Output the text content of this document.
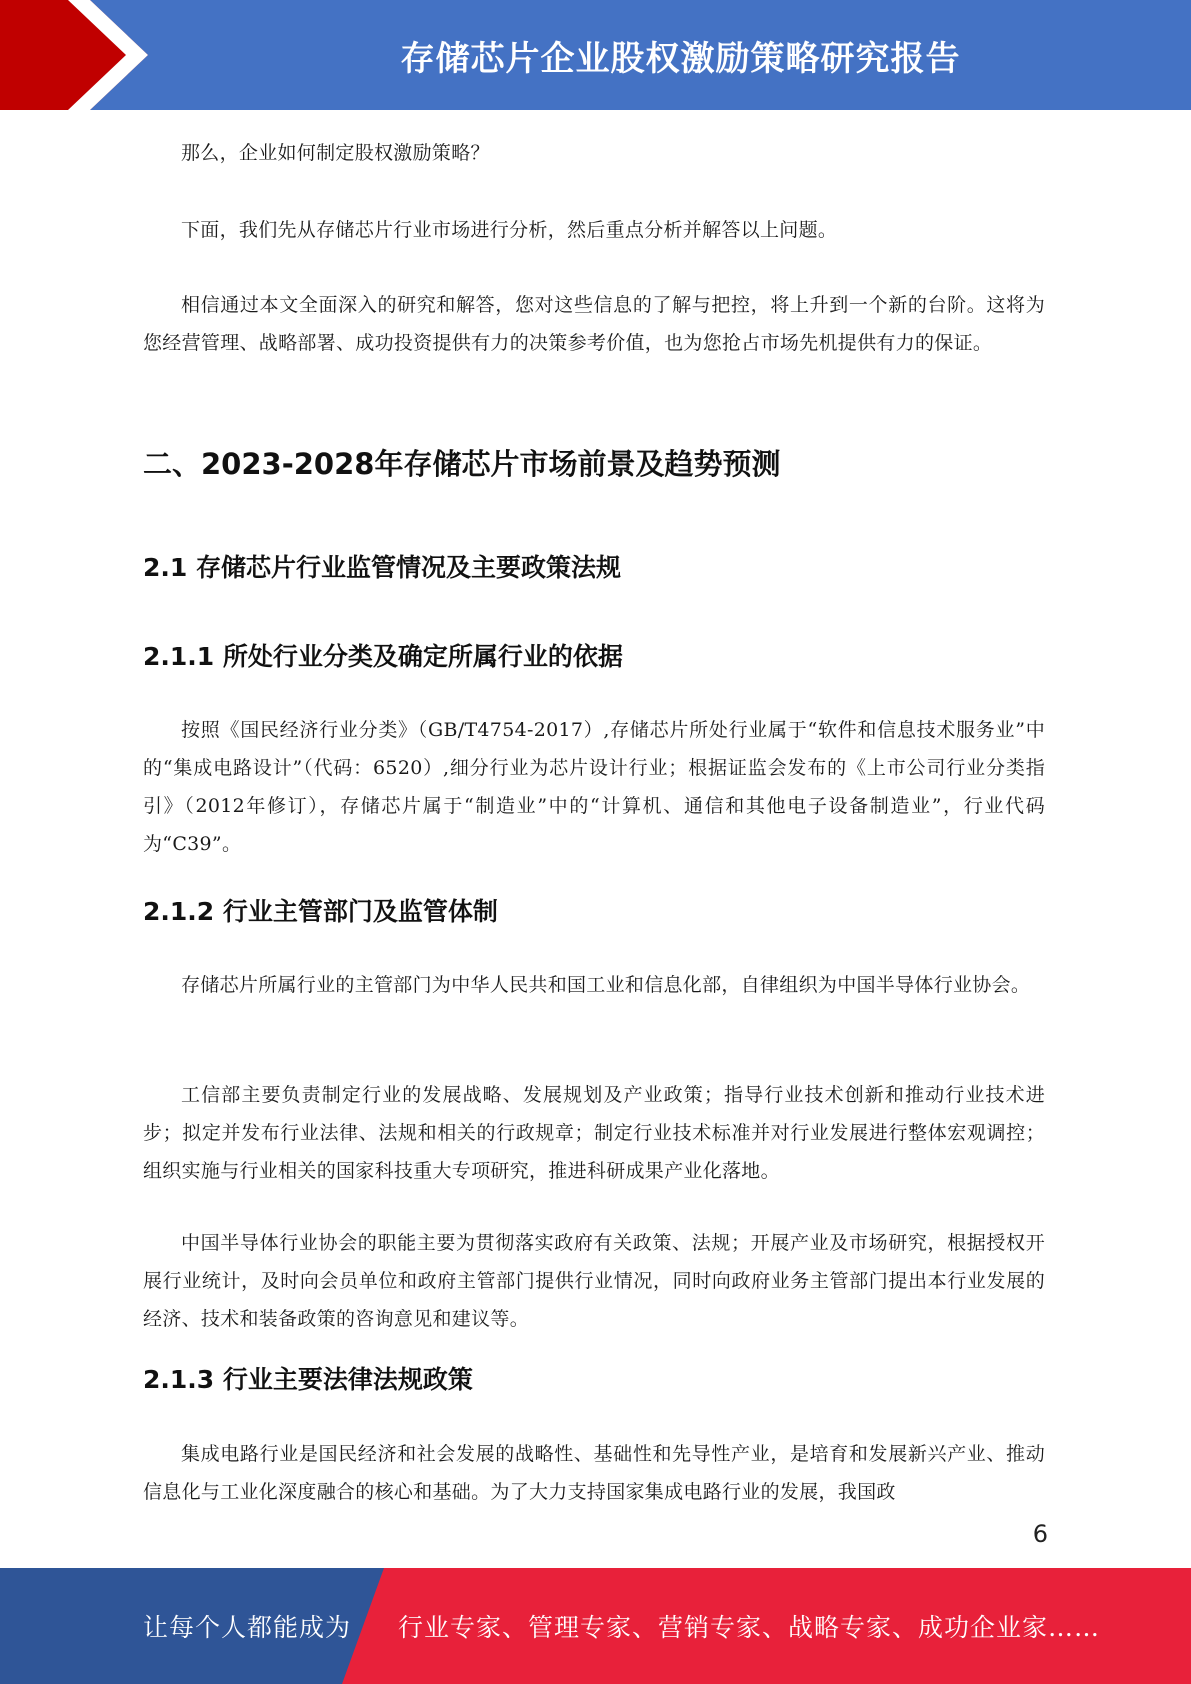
存储芯片企业股权激励策略研究报告

那么，企业如何制定股权激励策略？

下面，我们先从存储芯片行业市场进行分析，然后重点分析并解答以上问题。

相信通过本文全面深入的研究和解答，您对这些信息的了解与把控，将上升到一个新的台阶。这将为您经营管理、战略部署、成功投资提供有力的决策参考价值，也为您抢占市场先机提供有力的保证。

二、2023-2028年存储芯片市场前景及趋势预测
2.1 存储芯片行业监管情况及主要政策法规
2.1.1 所处行业分类及确定所属行业的依据

按照《国民经济行业分类》（GB/T4754-2017）,存储芯片所处行业属于“软件和信息技术服务业”中的“集成电路设计”（代码：6520）,细分行业为芯片设计行业；根据证监会发布的《上市公司行业分类指引》（2012年修订），存储芯片属于“制造业”中的“计算机、通信和其他电子设备制造业”，行业代码为“C39”。

2.1.2 行业主管部门及监管体制

存储芯片所属行业的主管部门为中华人民共和国工业和信息化部，自律组织为中国半导体行业协会。

工信部主要负责制定行业的发展战略、发展规划及产业政策；指导行业技术创新和推动行业技术进步；拟定并发布行业法律、法规和相关的行政规章；制定行业技术标准并对行业发展进行整体宏观调控；组织实施与行业相关的国家科技重大专项研究，推进科研成果产业化落地。

中国半导体行业协会的职能主要为贯彻落实政府有关政策、法规；开展产业及市场研究，根据授权开展行业统计，及时向会员单位和政府主管部门提供行业情况，同时向政府业务主管部门提出本行业发展的经济、技术和装备政策的咨询意见和建议等。

2.1.3 行业主要法律法规政策

集成电路行业是国民经济和社会发展的战略性、基础性和先导性产业，是培育和发展新兴产业、推动信息化与工业化深度融合的核心和基础。为了大力支持国家集成电路行业的发展，我国政

6
让每个人都能成为 行业专家、管理专家、营销专家、战略专家、成功企业家……
